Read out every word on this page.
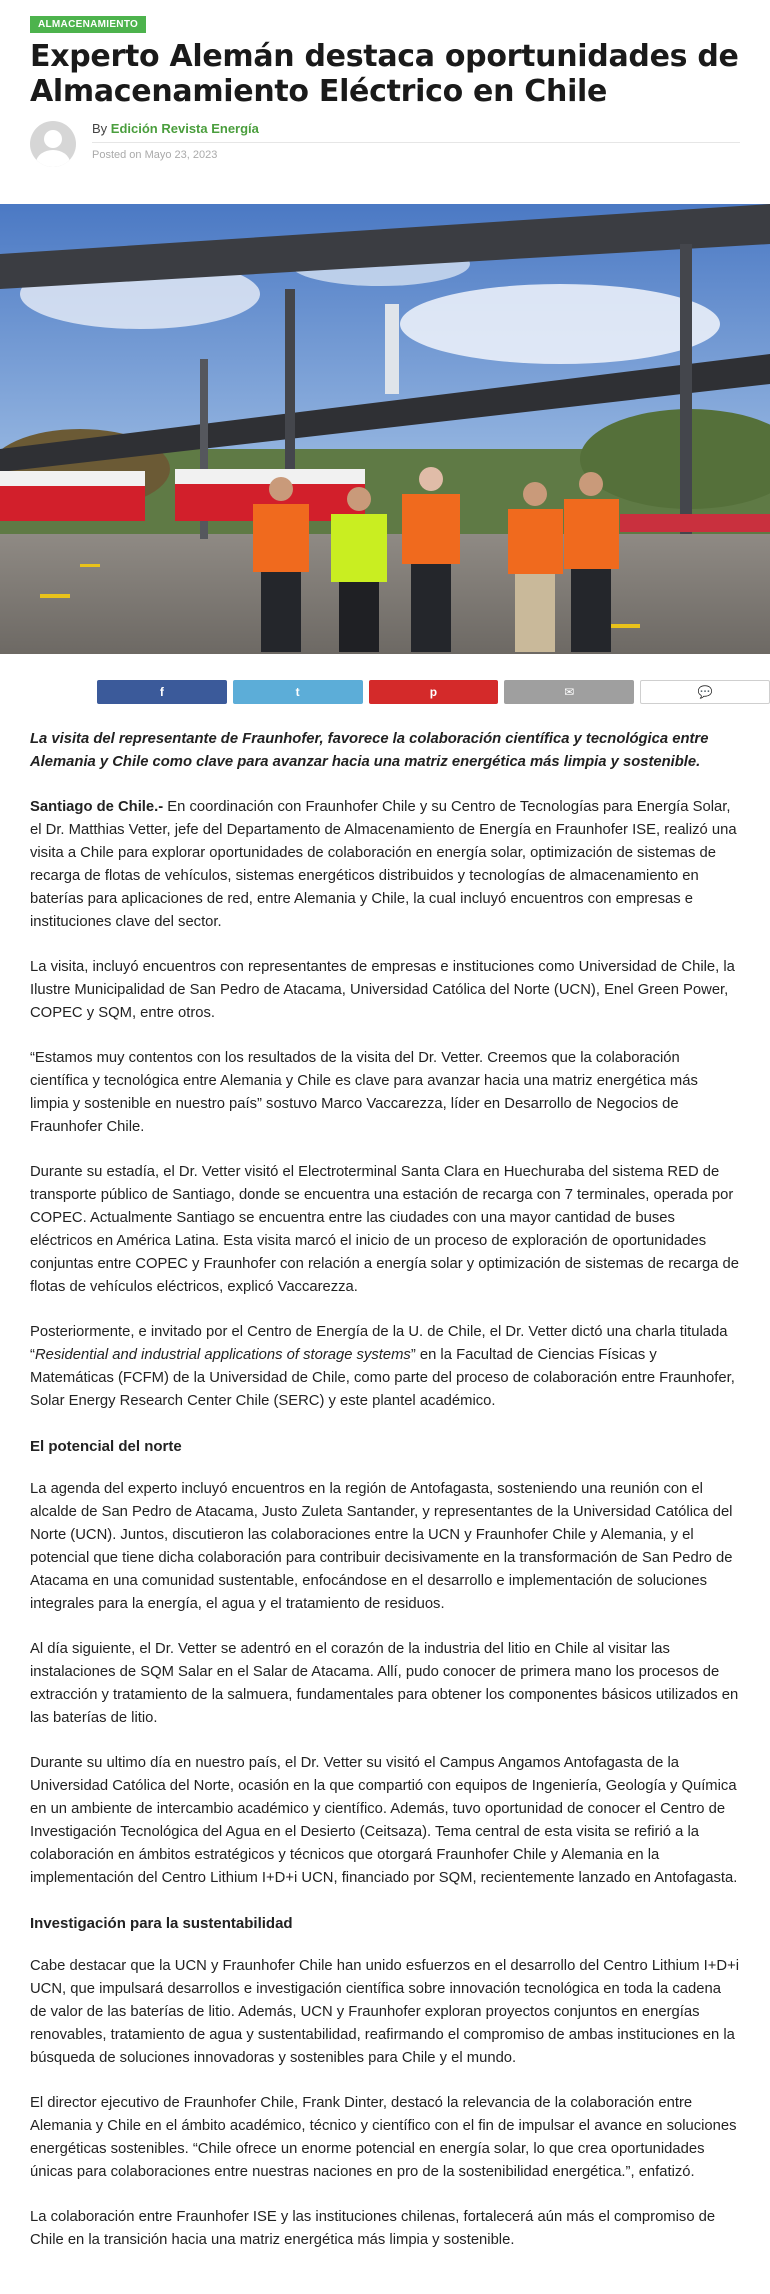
ALMACENAMIENTO
Experto Alemán destaca oportunidades de Almacenamiento Eléctrico en Chile
By Edición Revista Energía
Posted on Mayo 23, 2023
f	t	p	✉	💬

La visita del representante de Fraunhofer, favorece la colaboración científica y tecnológica entre Alemania y Chile como clave para avanzar hacia una matriz energética más limpia y sostenible.

Santiago de Chile.- En coordinación con Fraunhofer Chile y su Centro de Tecnologías para Energía Solar, el Dr. Matthias Vetter, jefe del Departamento de Almacenamiento de Energía en Fraunhofer ISE, realizó una visita a Chile para explorar oportunidades de colaboración en energía solar, optimización de sistemas de recarga de flotas de vehículos, sistemas energéticos distribuidos y tecnologías de almacenamiento en baterías para aplicaciones de red, entre Alemania y Chile, la cual incluyó encuentros con empresas e instituciones clave del sector.

La visita, incluyó encuentros con representantes de empresas e instituciones como Universidad de Chile, la Ilustre Municipalidad de San Pedro de Atacama, Universidad Católica del Norte (UCN), Enel Green Power, COPEC y SQM, entre otros.

“Estamos muy contentos con los resultados de la visita del Dr. Vetter. Creemos que la colaboración científica y tecnológica entre Alemania y Chile es clave para avanzar hacia una matriz energética más limpia y sostenible en nuestro país” sostuvo Marco Vaccarezza, líder en Desarrollo de Negocios de Fraunhofer Chile.

Durante su estadía, el Dr. Vetter visitó el Electroterminal Santa Clara en Huechuraba del sistema RED de transporte público de Santiago, donde se encuentra una estación de recarga con 7 terminales, operada por COPEC. Actualmente Santiago se encuentra entre las ciudades con una mayor cantidad de buses eléctricos en América Latina. Esta visita marcó el inicio de un proceso de exploración de oportunidades conjuntas entre COPEC y Fraunhofer con relación a energía solar y optimización de sistemas de recarga de flotas de vehículos eléctricos, explicó Vaccarezza.

Posteriormente, e invitado por el Centro de Energía de la U. de Chile, el Dr. Vetter dictó una charla titulada “Residential and industrial applications of storage systems” en la Facultad de Ciencias Físicas y Matemáticas (FCFM) de la Universidad de Chile, como parte del proceso de colaboración entre Fraunhofer, Solar Energy Research Center Chile (SERC) y este plantel académico.

El potencial del norte

La agenda del experto incluyó encuentros en la región de Antofagasta, sosteniendo una reunión con el alcalde de San Pedro de Atacama, Justo Zuleta Santander, y representantes de la Universidad Católica del Norte (UCN). Juntos, discutieron las colaboraciones entre la UCN y Fraunhofer Chile y Alemania, y el potencial que tiene dicha colaboración para contribuir decisivamente en la transformación de San Pedro de Atacama en una comunidad sustentable, enfocándose en el desarrollo e implementación de soluciones integrales para la energía, el agua y el tratamiento de residuos.

Al día siguiente, el Dr. Vetter se adentró en el corazón de la industria del litio en Chile al visitar las instalaciones de SQM Salar en el Salar de Atacama. Allí, pudo conocer de primera mano los procesos de extracción y tratamiento de la salmuera, fundamentales para obtener los componentes básicos utilizados en las baterías de litio.

Durante su ultimo día en nuestro país, el Dr. Vetter su visitó el Campus Angamos Antofagasta de la Universidad Católica del Norte, ocasión en la que compartió con equipos de Ingeniería, Geología y Química en un ambiente de intercambio académico y científico. Además, tuvo oportunidad de conocer el Centro de Investigación Tecnológica del Agua en el Desierto (Ceitsaza). Tema central de esta visita se refirió a la colaboración en ámbitos estratégicos y técnicos que otorgará Fraunhofer Chile y Alemania en la implementación del Centro Lithium I+D+i UCN, financiado por SQM, recientemente lanzado en Antofagasta.

Investigación para la sustentabilidad

Cabe destacar que la UCN y Fraunhofer Chile han unido esfuerzos en el desarrollo del Centro Lithium I+D+i UCN, que impulsará desarrollos e investigación científica sobre innovación tecnológica en toda la cadena de valor de las baterías de litio. Además, UCN y Fraunhofer exploran proyectos conjuntos en energías renovables, tratamiento de agua y sustentabilidad, reafirmando el compromiso de ambas instituciones en la búsqueda de soluciones innovadoras y sostenibles para Chile y el mundo.

El director ejecutivo de Fraunhofer Chile, Frank Dinter, destacó la relevancia de la colaboración entre Alemania y Chile en el ámbito académico, técnico y científico con el fin de impulsar el avance en soluciones energéticas sostenibles. “Chile ofrece un enorme potencial en energía solar, lo que crea oportunidades únicas para colaboraciones entre nuestras naciones en pro de la sostenibilidad energética.”, enfatizó.

La colaboración entre Fraunhofer ISE y las instituciones chilenas, fortalecerá aún más el compromiso de Chile en la transición hacia una matriz energética más limpia y sostenible.
